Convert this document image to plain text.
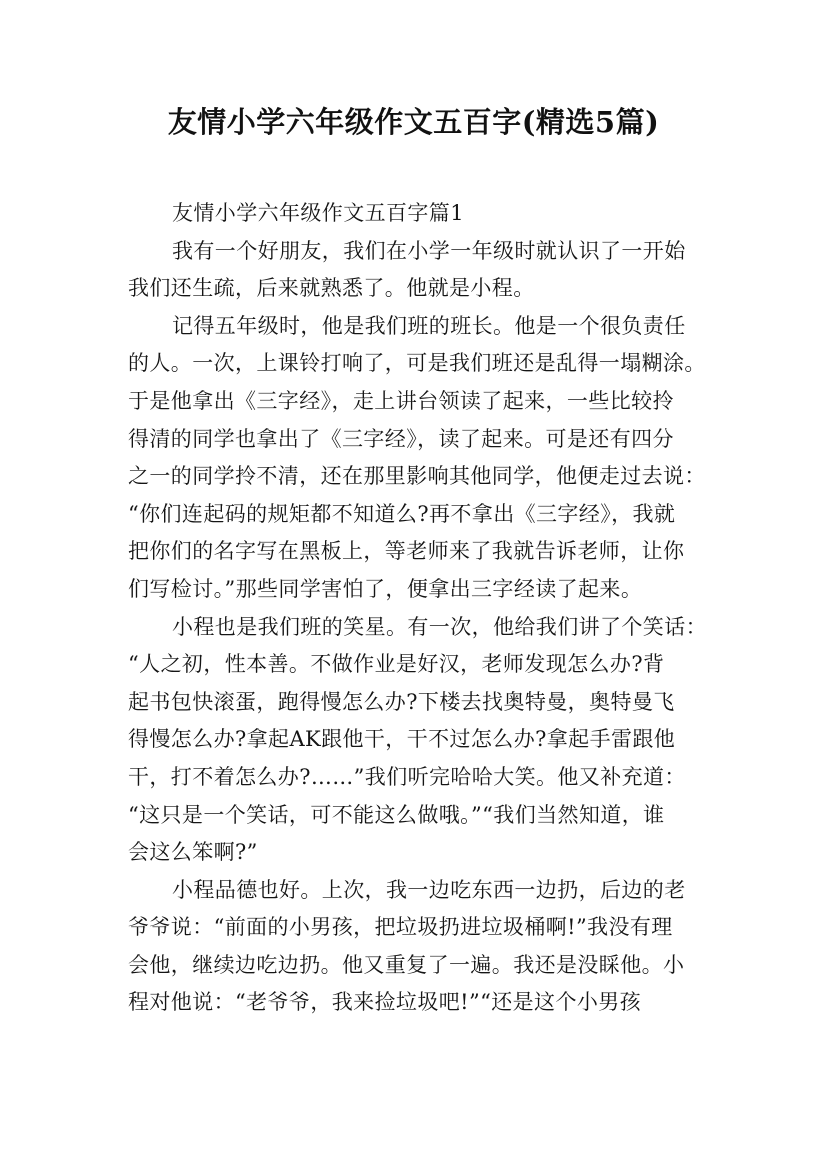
友情小学六年级作文五百字(精选5篇)
友情小学六年级作文五百字篇1
我有一个好朋友，我们在小学一年级时就认识了一开始
我们还生疏，后来就熟悉了。他就是小程。
记得五年级时，他是我们班的班长。他是一个很负责任
的人。一次，上课铃打响了，可是我们班还是乱得一塌糊涂。
于是他拿出《三字经》，走上讲台领读了起来，一些比较拎
得清的同学也拿出了《三字经》，读了起来。可是还有四分
之一的同学拎不清，还在那里影响其他同学，他便走过去说：
“你们连起码的规矩都不知道么?再不拿出《三字经》，我就
把你们的名字写在黑板上，等老师来了我就告诉老师，让你
们写检讨。”那些同学害怕了，便拿出三字经读了起来。
小程也是我们班的笑星。有一次，他给我们讲了个笑话：
“人之初，性本善。不做作业是好汉，老师发现怎么办?背
起书包快滚蛋，跑得慢怎么办?下楼去找奥特曼，奥特曼飞
得慢怎么办?拿起AK跟他干，干不过怎么办?拿起手雷跟他
干，打不着怎么办?……”我们听完哈哈大笑。他又补充道：
“这只是一个笑话，可不能这么做哦。”“我们当然知道，谁
会这么笨啊?”
小程品德也好。上次，我一边吃东西一边扔，后边的老
爷爷说：“前面的小男孩，把垃圾扔进垃圾桶啊!”我没有理
会他，继续边吃边扔。他又重复了一遍。我还是没睬他。小
程对他说：“老爷爷，我来捡垃圾吧!”“还是这个小男孩
